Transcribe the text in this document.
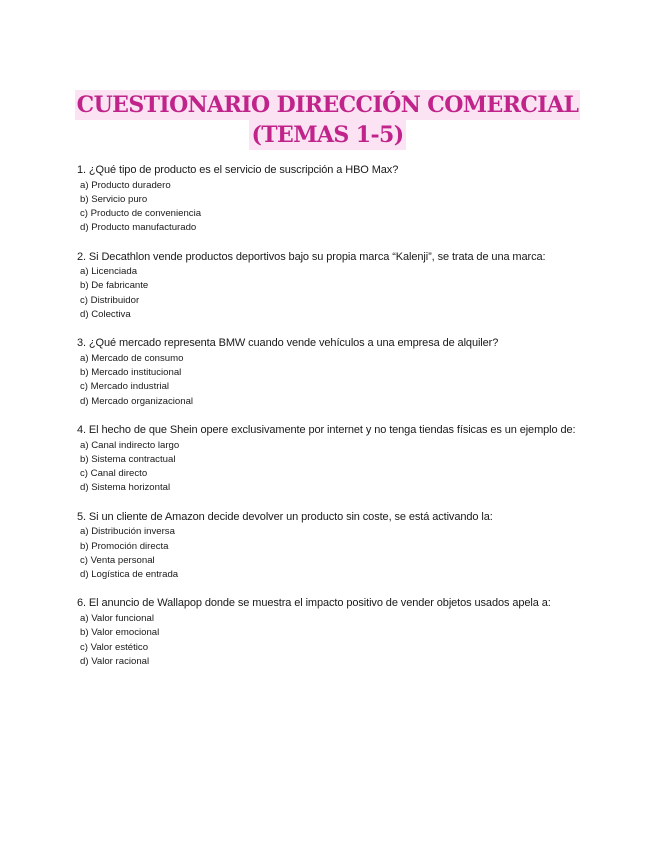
CUESTIONARIO DIRECCIÓN COMERCIAL
(TEMAS 1-5)
1. ¿Qué tipo de producto es el servicio de suscripción a HBO Max?
a) Producto duradero
b) Servicio puro
c) Producto de conveniencia
d) Producto manufacturado
2. Si Decathlon vende productos deportivos bajo su propia marca “Kalenji”, se trata de una marca:
a) Licenciada
b) De fabricante
c) Distribuidor
d) Colectiva
3. ¿Qué mercado representa BMW cuando vende vehículos a una empresa de alquiler?
a) Mercado de consumo
b) Mercado institucional
c) Mercado industrial
d) Mercado organizacional
4. El hecho de que Shein opere exclusivamente por internet y no tenga tiendas físicas es un ejemplo de:
a) Canal indirecto largo
b) Sistema contractual
c) Canal directo
d) Sistema horizontal
5. Si un cliente de Amazon decide devolver un producto sin coste, se está activando la:
a) Distribución inversa
b) Promoción directa
c) Venta personal
d) Logística de entrada
6. El anuncio de Wallapop donde se muestra el impacto positivo de vender objetos usados apela a:
a) Valor funcional
b) Valor emocional
c) Valor estético
d) Valor racional
